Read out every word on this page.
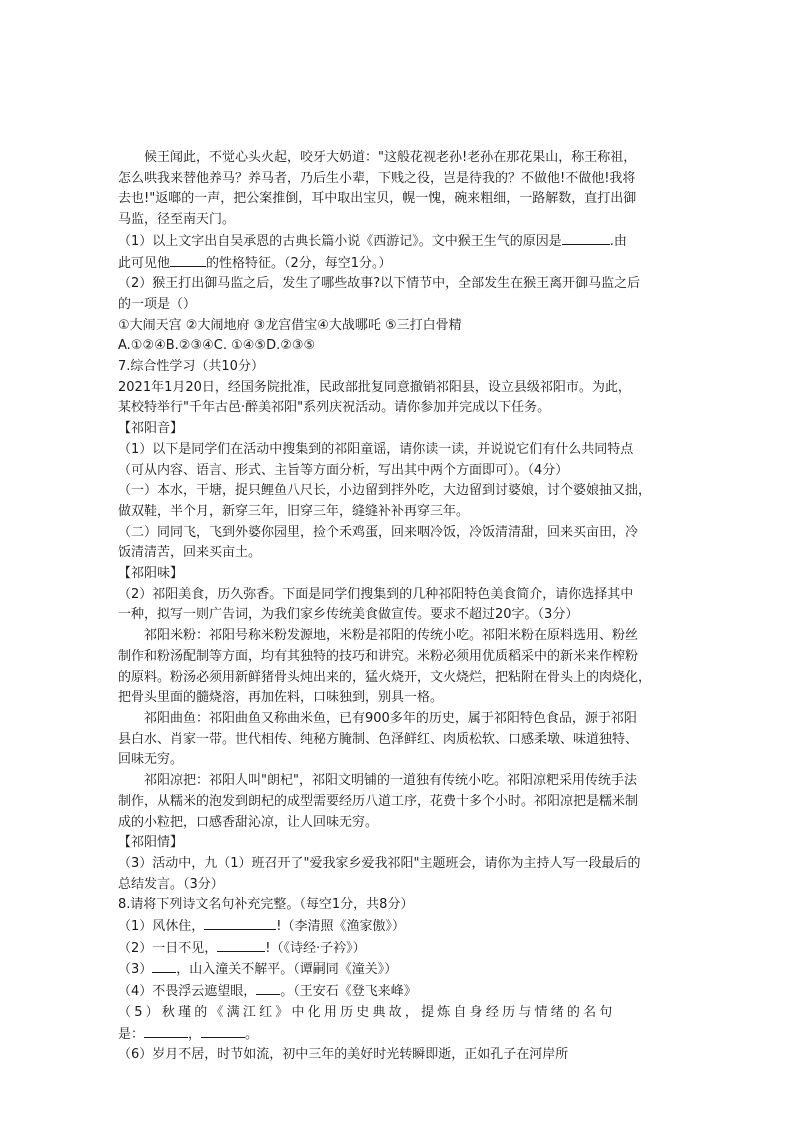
候王闻此，不觉心头火起，咬牙大奶道："这般花视老孙!老孙在那花果山，称王称祖，

怎么哄我来替他养马？养马者，乃后生小辈，下贱之役，岂是待我的？不做他!不做他!我将

去也!"返啷的一声，把公案推倒，耳中取出宝贝，幌一愧，碗来粗细，一路解数，直打出御

马监，径至南天门。

（1）以上文字出自吴承恩的古典长篇小说《西游记》。文中猴王生气的原因是	.由

此可见他	的性格特征。（2分，每空1分。）

（2）猴王打出御马监之后，发生了哪些故事?以下情节中，全部发生在猴王离开御马监之后

的一项是（）

①大闹天宫 ②大闹地府 ③龙宫借宝④大战哪吒 ⑤三打白骨精

A.①②④B.②③④C. ①④⑤D.②③⑤

7.综合性学习（共10分）

2021年1月20日，经国务院批准，民政部批复同意撤销祁阳县，设立县级祁阳市。为此，

某校特举行"千年古邑·醉美祁阳"系列庆祝活动。请你参加并完成以下任务。

【祁阳音】

（1）以下是同学们在活动中搜集到的祁阳童谣，请你读一读，并说说它们有什么共同特点

（可从内容、语言、形式、主旨等方面分析，写出其中两个方面即可）。（4分）

（一）本水，干塘，捉只鲤鱼八尺长，小边留到拌外吃，大边留到讨婆娘，讨个婆娘抽又拙，

做双鞋，半个月，新穿三年，旧穿三年，缝缝补补再穿三年。

（二）同同飞，飞到外婆你园里，捡个禾鸡蛋，回来咽冷饭，冷饭清清甜，回来买亩田，冷

饭清清苦，回来买亩土。

【祁阳味】

（2）祁阳美食，历久弥香。下面是同学们搜集到的几种祁阳特色美食简介，请你选择其中

一种，拟写一则广告词，为我们家乡传统美食做宣传。要求不超过20字。（3分）

祁阳米粉：祁阳号称米粉发源地，米粉是祁阳的传统小吃。祁阳米粉在原料选用、粉丝

制作和粉汤配制等方面，均有其独特的技巧和讲究。米粉必须用优质稻采中的新米来作榨粉

的原料。粉汤必须用新鲜猪骨头炖出来的，猛火烧开，文火烧烂，把粘附在骨头上的肉烧化，

把骨头里面的髓烧溶，再加佐料，口味独到，别具一格。

祁阳曲鱼：祁阳曲鱼又称曲米鱼，已有900多年的历史，属于祁阳特色食品，源于祁阳

县白水、肖家一带。世代相传、纯秘方腌制、色泽鲜红、肉质松软、口感柔墩、味道独特、

回味无穷。

祁阳凉把：祁阳人叫"朗杞"，祁阳文明铺的一道独有传统小吃。祁阳凉粑采用传统手法

制作，从糯米的泡发到朗杞的成型需要经历八道工序，花费十多个小时。祁阳凉把是糯米制

成的小粒把，口感香甜沁凉，让人回味无穷。

【祁阳情】

（3）活动中，九（1）班召开了"爱我家乡爱我祁阳"主题班会，请你为主持人写一段最后的

总结发言。（3分）

8.请将下列诗文名句补充完整。（每空1分，共8分）

（1）风休住，	!（李清照《渔家傲》）

（2）一日不见，	!（《诗经·子衿》）

（3） ，山入潼关不解平。（谭嗣同《潼关》）

（4）不畏浮云遮望眼， 。（王安石《登飞来峰》

（5）秋瑾的《满江红》中化用历史典故，提炼自身经历与情绪的名句

是：	，	。

（6）岁月不居，时节如流，初中三年的美好时光转瞬即逝，正如孔子在河岸所
